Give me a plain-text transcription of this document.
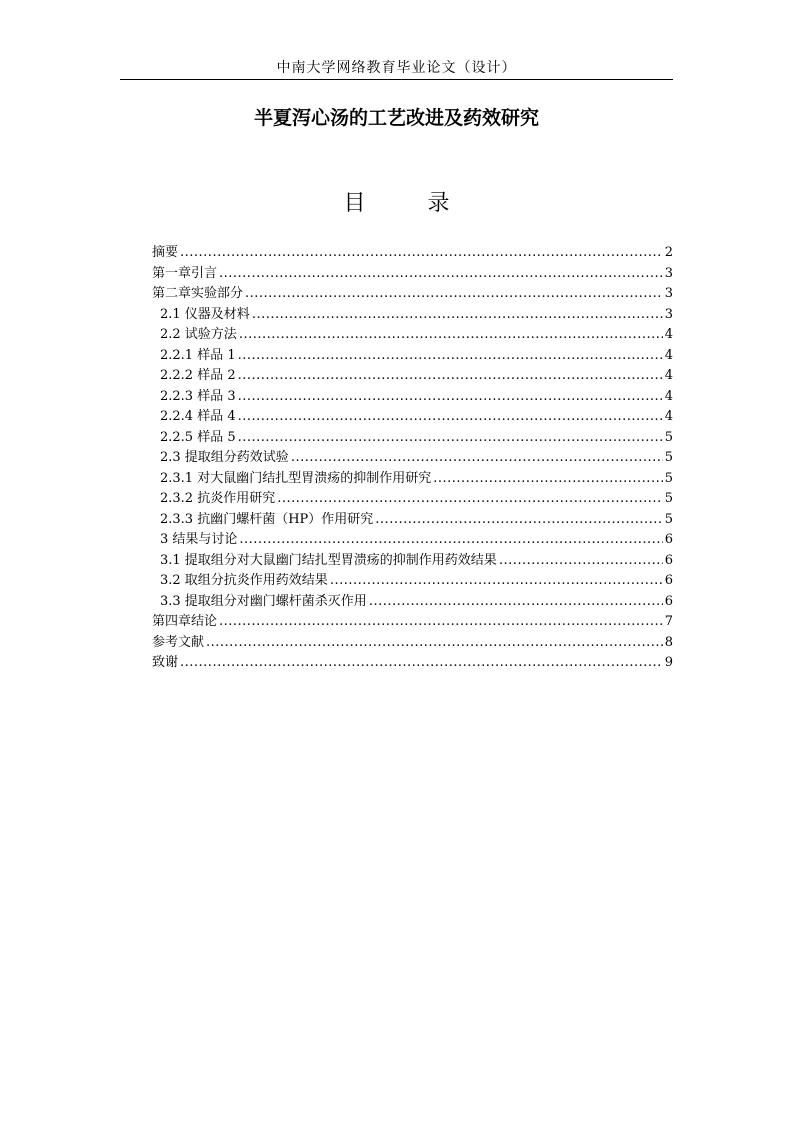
中南大学网络教育毕业论文（设计）
半夏泻心汤的工艺改进及药效研究
目	录
摘要 .....	2
第一章引言 .....	3
第二章实验部分 .....	3
2.1 仪器及材料 .....	3
2.2 试验方法 .....	4
2.2.1 样品 1 .....	4
2.2.2 样品 2 .....	4
2.2.3 样品 3 .....	4
2.2.4 样品 4 .....	4
2.2.5 样品 5 .....	5
2.3 提取组分药效试验 .....	5
2.3.1 对大鼠幽门结扎型胃溃疡的抑制作用研究 .....	5
2.3.2 抗炎作用研究 .....	5
2.3.3 抗幽门螺杆菌（HP）作用研究 .....	5
3 结果与讨论 .....	6
3.1 提取组分对大鼠幽门结扎型胃溃疡的抑制作用药效结果 .....	6
3.2 取组分抗炎作用药效结果 .....	6
3.3 提取组分对幽门螺杆菌杀灭作用 .....	6
第四章结论 .....	7
参考文献 .....	8
致谢 .....	9
